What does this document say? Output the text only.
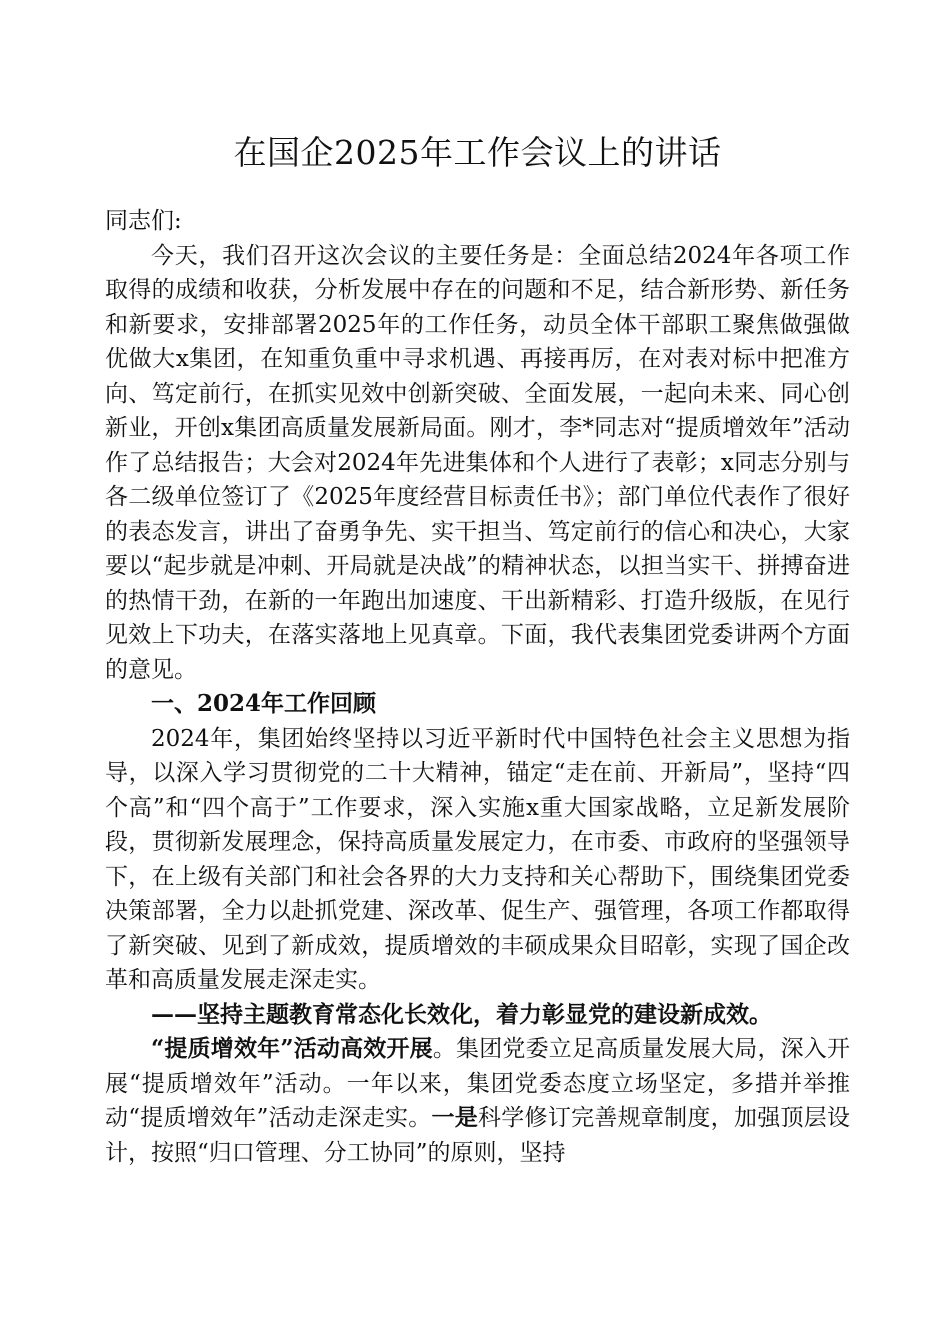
在国企2025年工作会议上的讲话

同志们:

今天，我们召开这次会议的主要任务是：全面总结2024年各项工作取得的成绩和收获，分析发展中存在的问题和不足，结合新形势、新任务和新要求，安排部署2025年的工作任务，动员全体干部职工聚焦做强做优做大x集团，在知重负重中寻求机遇、再接再厉，在对表对标中把准方向、笃定前行，在抓实见效中创新突破、全面发展，一起向未来、同心创新业，开创x集团高质量发展新局面。刚才，李*同志对“提质增效年”活动作了总结报告；大会对2024年先进集体和个人进行了表彰；x同志分别与各二级单位签订了《2025年度经营目标责任书》；部门单位代表作了很好的表态发言，讲出了奋勇争先、实干担当、笃定前行的信心和决心，大家要以“起步就是冲刺、开局就是决战”的精神状态，以担当实干、拼搏奋进的热情干劲，在新的一年跑出加速度、干出新精彩、打造升级版，在见行见效上下功夫，在落实落地上见真章。下面，我代表集团党委讲两个方面的意见。

一、2024年工作回顾

2024年，集团始终坚持以习近平新时代中国特色社会主义思想为指导，以深入学习贯彻党的二十大精神，锚定“走在前、开新局”，坚持“四个高”和“四个高于”工作要求，深入实施x重大国家战略，立足新发展阶段，贯彻新发展理念，保持高质量发展定力，在市委、市政府的坚强领导下，在上级有关部门和社会各界的大力支持和关心帮助下，围绕集团党委决策部署，全力以赴抓党建、深改革、促生产、强管理，各项工作都取得了新突破、见到了新成效，提质增效的丰硕成果众目昭彰，实现了国企改革和高质量发展走深走实。

——坚持主题教育常态化长效化，着力彰显党的建设新成效。

“提质增效年”活动高效开展。集团党委立足高质量发展大局，深入开展“提质增效年”活动。一年以来，集团党委态度立场坚定，多措并举推动“提质增效年”活动走深走实。一是科学修订完善规章制度，加强顶层设计，按照“归口管理、分工协同”的原则，坚持
